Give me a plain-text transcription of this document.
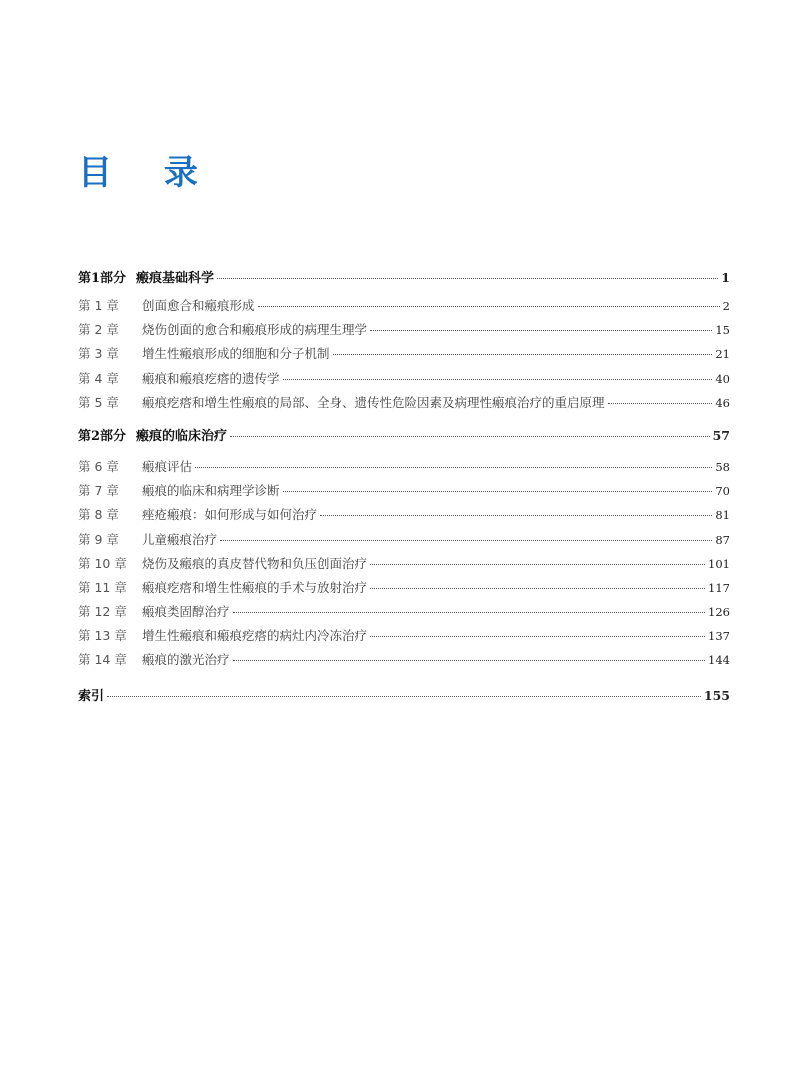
目 录
第1部分 瘢痕基础科学	1
第 1 章 创面愈合和瘢痕形成	2
第 2 章 烧伤创面的愈合和瘢痕形成的病理生理学	15
第 3 章 增生性瘢痕形成的细胞和分子机制	21
第 4 章 瘢痕和瘢痕疙瘩的遗传学	40
第 5 章 瘢痕疙瘩和增生性瘢痕的局部、全身、遗传性危险因素及病理性瘢痕治疗的重启原理	46
第2部分 瘢痕的临床治疗	57
第 6 章 瘢痕评估	58
第 7 章 瘢痕的临床和病理学诊断	70
第 8 章 痤疮瘢痕：如何形成与如何治疗	81
第 9 章 儿童瘢痕治疗	87
第 10 章 烧伤及瘢痕的真皮替代物和负压创面治疗	101
第 11 章 瘢痕疙瘩和增生性瘢痕的手术与放射治疗	117
第 12 章 瘢痕类固醇治疗	126
第 13 章 增生性瘢痕和瘢痕疙瘩的病灶内冷冻治疗	137
第 14 章 瘢痕的激光治疗	144
索引	155
